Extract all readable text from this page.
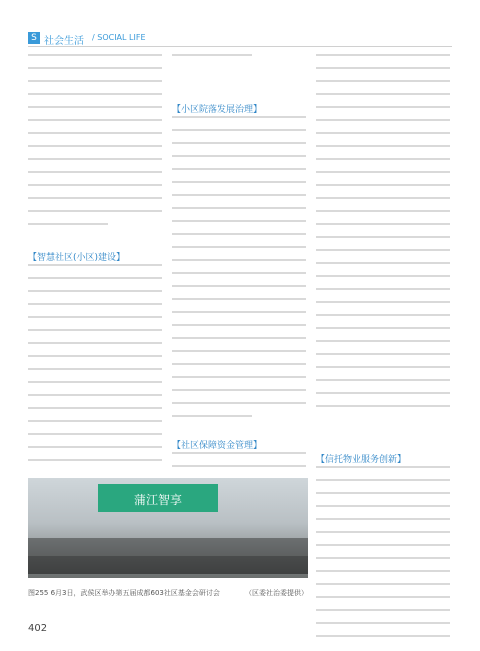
S 社会生活 / SOCIAL LIFE
【智慧社区(小区)建设】
【小区院落发展治理】
【社区保障资金管理】
【信托物业服务创新】
蒲江智享
图255 6月3日，武侯区举办第五届成都603社区基金会研讨会	（区委社治委提供）
402
